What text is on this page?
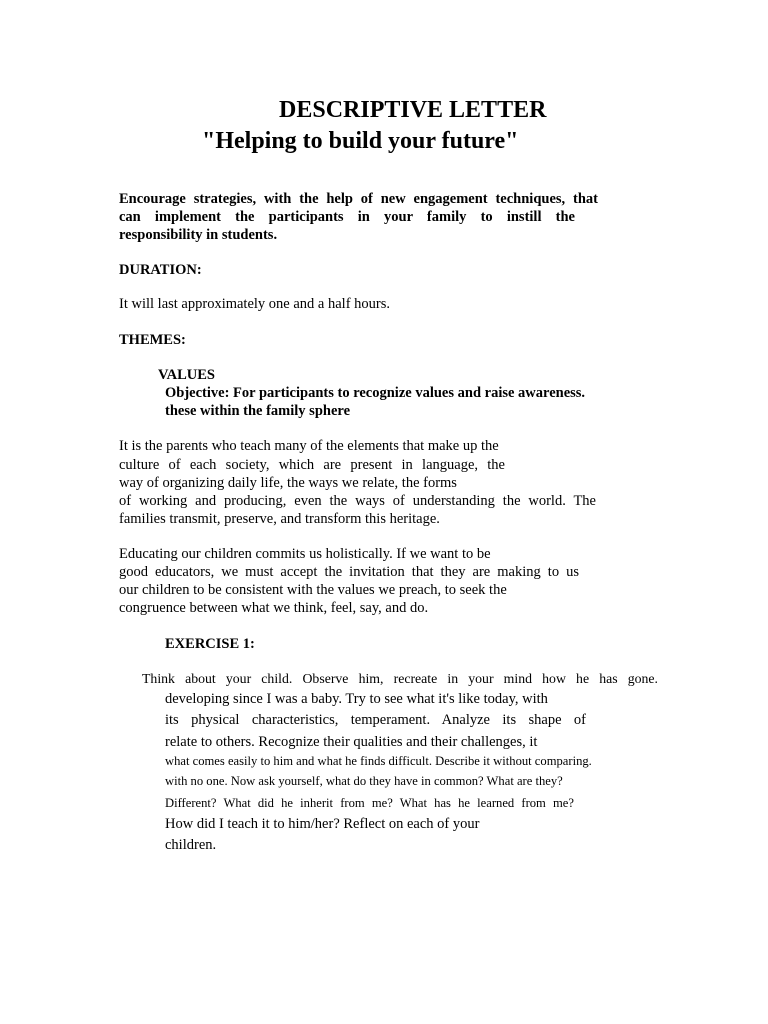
DESCRIPTIVE LETTER
"Helping to build your future"
Encourage strategies, with the help of new engagement techniques, that
can implement the participants in your family to instill the
responsibility in students.
DURATION:
It will last approximately one and a half hours.
THEMES:
VALUES
Objective: For participants to recognize values and raise awareness.
these within the family sphere
It is the parents who teach many of the elements that make up the
culture of each society, which are present in language, the
way of organizing daily life, the ways we relate, the forms
of working and producing, even the ways of understanding the world. The
families transmit, preserve, and transform this heritage.
Educating our children commits us holistically. If we want to be
good educators, we must accept the invitation that they are making to us
our children to be consistent with the values we preach, to seek the
congruence between what we think, feel, say, and do.
EXERCISE 1:
Think about your child. Observe him, recreate in your mind how he has gone.
developing since I was a baby. Try to see what it's like today, with
its physical characteristics, temperament. Analyze its shape of
relate to others. Recognize their qualities and their challenges, it
what comes easily to him and what he finds difficult. Describe it without comparing.
with no one. Now ask yourself, what do they have in common? What are they?
Different? What did he inherit from me? What has he learned from me?
How did I teach it to him/her? Reflect on each of your
children.
